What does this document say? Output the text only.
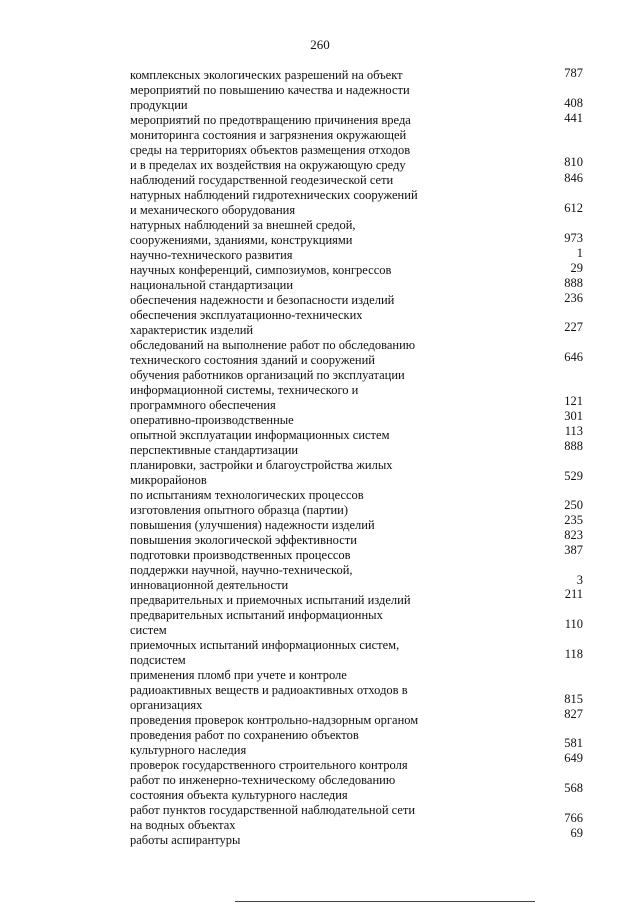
260
комплексных экологических разрешений на объект
мероприятий по повышению качества и надежности
продукции
мероприятий по предотвращению причинения вреда
мониторинга состояния и загрязнения окружающей
среды на территориях объектов размещения отходов
и в пределах их воздействия на окружающую среду
наблюдений государственной геодезической сети
натурных наблюдений гидротехнических сооружений
и механического оборудования
натурных наблюдений за внешней средой,
сооружениями, зданиями, конструкциями
научно-технического развития
научных конференций, симпозиумов, конгрессов
национальной стандартизации
обеспечения надежности и безопасности изделий
обеспечения эксплуатационно-технических
характеристик изделий
обследований на выполнение работ по обследованию
технического состояния зданий и сооружений
обучения работников организаций по эксплуатации
информационной системы, технического и
программного обеспечения
оперативно-производственные
опытной эксплуатации информационных систем
перспективные стандартизации
планировки, застройки и благоустройства жилых
микрорайонов
по испытаниям технологических процессов
изготовления опытного образца (партии)
повышения (улучшения) надежности изделий
повышения экологической эффективности
подготовки производственных процессов
поддержки научной, научно-технической,
инновационной деятельности
предварительных и приемочных испытаний изделий
предварительных испытаний информационных
систем
приемочных испытаний информационных систем,
подсистем
применения пломб при учете и контроле
радиоактивных веществ и радиоактивных отходов в
организациях
проведения проверок контрольно-надзорным органом
проведения работ по сохранению объектов
культурного наследия
проверок государственного строительного контроля
работ по инженерно-техническому обследованию
состояния объекта культурного наследия
работ пунктов государственной наблюдательной сети
на водных объектах
работы аспирантуры
787
408
441
810
846
612
973
1
29
888
236
227
646
121
301
113
888
529
250
235
823
387
3
211
110
118
815
827
581
649
568
766
69
